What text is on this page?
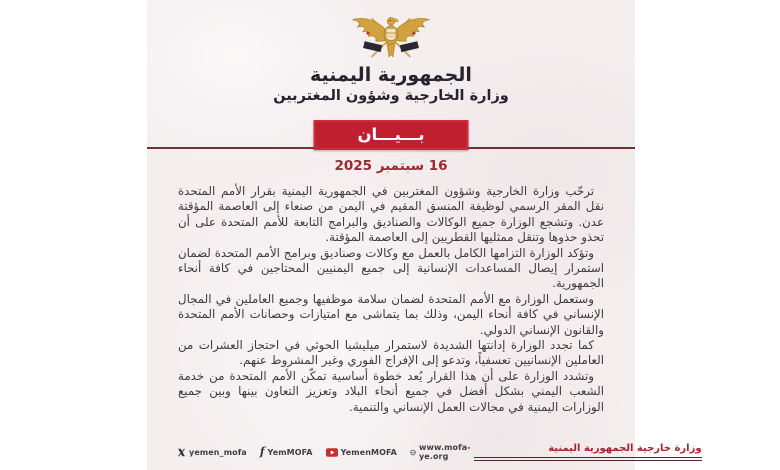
الجمهورية اليمنية
وزارة الخارجية وشؤون المغتربين
بـــيـــان
16 سبتمبر 2025

ترحّب وزارة الخارجية وشؤون المغتربين في الجمهورية اليمنية بقرار الأمم المتحدة نقل المقر الرسمي لوظيفة المنسق المقيم في اليمن من صنعاء إلى العاصمة المؤقتة عدن. وتشجع الوزارة جميع الوكالات والصناديق والبرامج التابعة للأمم المتحدة على أن تحذو حذوها وتنقل ممثليها القطريين إلى العاصمة المؤقتة.

وتؤكد الوزارة التزامها الكامل بالعمل مع وكالات وصناديق وبرامج الأمم المتحدة لضمان استمرار إيصال المساعدات الإنسانية إلى جميع اليمنيين المحتاجين في كافة أنحاء الجمهورية.

وستعمل الوزارة مع الأمم المتحدة لضمان سلامة موظفيها وجميع العاملين في المجال الإنساني في كافة أنحاء اليمن، وذلك بما يتماشى مع امتيازات وحصانات الأمم المتحدة والقانون الإنساني الدولي.

كما تجدد الوزارة إدانتها الشديدة لاستمرار ميليشيا الحوثي في احتجاز العشرات من العاملين الإنسانيين تعسفياً، وتدعو إلى الإفراج الفوري وغير المشروط عنهم.

وتشدد الوزارة على أن هذا القرار يُعد خطوة أساسية تمكّن الأمم المتحدة من خدمة الشعب اليمني بشكل أفضل في جميع أنحاء البلاد وتعزيز التعاون بينها وبين جميع الوزارات اليمنية في مجالات العمل الإنساني والتنمية.

yemen_mofa f YemMOFA	YemenMOFA	www.mofa-ye.org
وزارة خارجية الجمهورية اليمنية
